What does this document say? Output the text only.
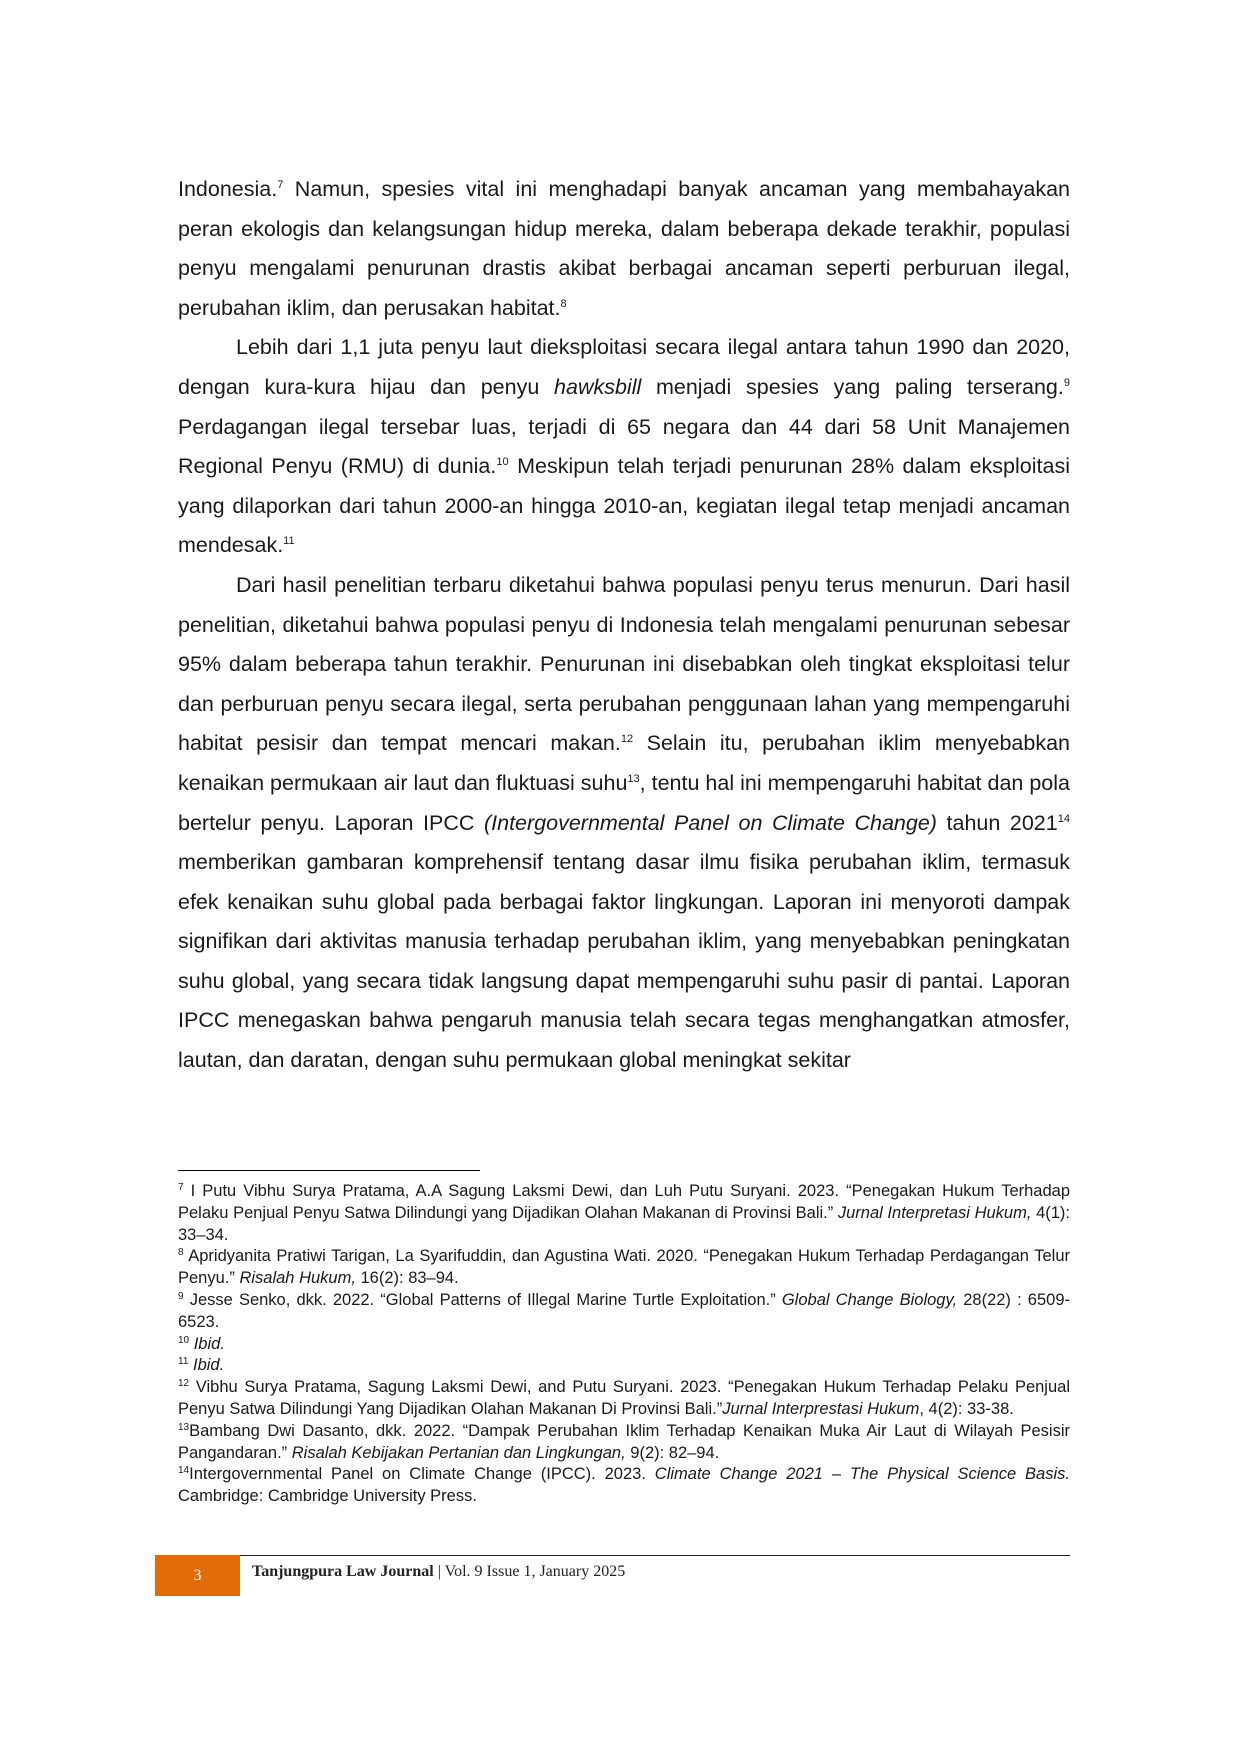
Indonesia.$^7$ Namun, spesies vital ini menghadapi banyak ancaman yang membahayakan peran ekologis dan kelangsungan hidup mereka, dalam beberapa dekade terakhir, populasi penyu mengalami penurunan drastis akibat berbagai ancaman seperti perburuan ilegal, perubahan iklim, dan perusakan habitat.$^8$

Lebih dari 1,1 juta penyu laut dieksploitasi secara ilegal antara tahun 1990 dan 2020, dengan kura-kura hijau dan penyu hawksbill menjadi spesies yang paling terserang.$^9$ Perdagangan ilegal tersebar luas, terjadi di 65 negara dan 44 dari 58 Unit Manajemen Regional Penyu (RMU) di dunia.$^{10}$ Meskipun telah terjadi penurunan 28% dalam eksploitasi yang dilaporkan dari tahun 2000-an hingga 2010-an, kegiatan ilegal tetap menjadi ancaman mendesak.$^{11}$

Dari hasil penelitian terbaru diketahui bahwa populasi penyu terus menurun. Dari hasil penelitian, diketahui bahwa populasi penyu di Indonesia telah mengalami penurunan sebesar 95% dalam beberapa tahun terakhir. Penurunan ini disebabkan oleh tingkat eksploitasi telur dan perburuan penyu secara ilegal, serta perubahan penggunaan lahan yang mempengaruhi habitat pesisir dan tempat mencari makan.$^{12}$ Selain itu, perubahan iklim menyebabkan kenaikan permukaan air laut dan fluktuasi suhu$^{13}$, tentu hal ini mempengaruhi habitat dan pola bertelur penyu. Laporan IPCC (Intergovernmental Panel on Climate Change) tahun 2021$^{14}$ memberikan gambaran komprehensif tentang dasar ilmu fisika perubahan iklim, termasuk efek kenaikan suhu global pada berbagai faktor lingkungan. Laporan ini menyoroti dampak signifikan dari aktivitas manusia terhadap perubahan iklim, yang menyebabkan peningkatan suhu global, yang secara tidak langsung dapat mempengaruhi suhu pasir di pantai. Laporan IPCC menegaskan bahwa pengaruh manusia telah secara tegas menghangatkan atmosfer, lautan, dan daratan, dengan suhu permukaan global meningkat sekitar

$^7$ I Putu Vibhu Surya Pratama, A.A Sagung Laksmi Dewi, dan Luh Putu Suryani. 2023. “Penegakan Hukum Terhadap Pelaku Penjual Penyu Satwa Dilindungi yang Dijadikan Olahan Makanan di Provinsi Bali.” Jurnal Interpretasi Hukum, 4(1): 33–34.

$^8$ Apridyanita Pratiwi Tarigan, La Syarifuddin, dan Agustina Wati. 2020. “Penegakan Hukum Terhadap Perdagangan Telur Penyu.” Risalah Hukum, 16(2): 83–94.

$^9$ Jesse Senko, dkk. 2022. “Global Patterns of Illegal Marine Turtle Exploitation.” Global Change Biology, 28(22) : 6509-6523.

$^{10}$ Ibid.

$^{11}$ Ibid.

$^{12}$ Vibhu Surya Pratama, Sagung Laksmi Dewi, and Putu Suryani. 2023. “Penegakan Hukum Terhadap Pelaku Penjual Penyu Satwa Dilindungi Yang Dijadikan Olahan Makanan Di Provinsi Bali.”Jurnal Interprestasi Hukum, 4(2): 33-38.

$^{13}$Bambang Dwi Dasanto, dkk. 2022. “Dampak Perubahan Iklim Terhadap Kenaikan Muka Air Laut di Wilayah Pesisir Pangandaran.” Risalah Kebijakan Pertanian dan Lingkungan, 9(2): 82–94.

$^{14}$Intergovernmental Panel on Climate Change (IPCC). 2023. Climate Change 2021 – The Physical Science Basis. Cambridge: Cambridge University Press.

3	Tanjungpura Law Journal | Vol. 9 Issue 1, January 2025
